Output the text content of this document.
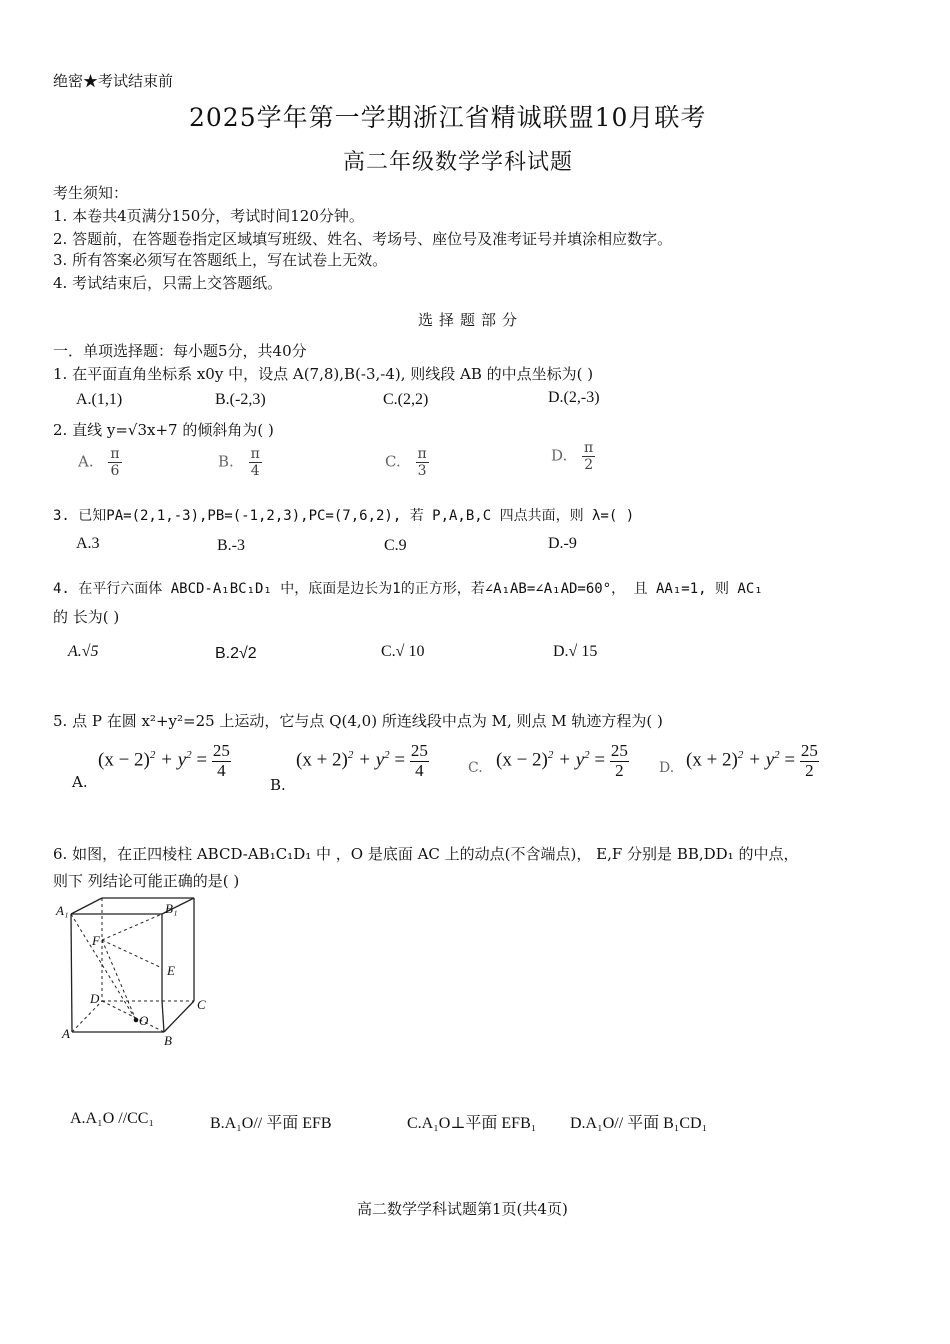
绝密★考试结束前
2025学年第一学期浙江省精诚联盟10月联考
高二年级数学学科试题
考生须知：
1. 本卷共4页满分150分，考试时间120分钟。
2. 答题前，在答题卷指定区域填写班级、姓名、考场号、座位号及准考证号并填涂相应数字。
3. 所有答案必须写在答题纸上，写在试卷上无效。
4. 考试结束后，只需上交答题纸。
选择题部分
一．单项选择题：每小题5分，共40分
1. 在平面直角坐标系 x0y 中，设点 A(7,8),B(-3,-4), 则线段 AB 的中点坐标为( )
A.(1,1)	B.(-2,3)	C.(2,2)	D.(2,-3)
2. 直线 y=√3x+7 的倾斜角为( )
A. $\frac{\pi}{6}$	B. $\frac{\pi}{4}$	C. $\frac{\pi}{3}$	D. $\frac{\pi}{2}$
3. 已知PA=(2,1,-3),PB=(-1,2,3),PC=(7,6,2), 若 P,A,B,C 四点共面，则 λ=( )
A.3	B.-3	C.9	D.-9
4. 在平行六面体 ABCD-A₁BC₁D₁ 中，底面是边长为1的正方形，若∠A₁AB=∠A₁AD=60°， 且 AA₁=1, 则 AC₁
的 长为( )
A.√5	B.2√2	C.√ 10	D.√ 15
5. 点 P 在圆 x²+y²=25 上运动，它与点 Q(4,0) 所连线段中点为 M, 则点 M 轨迹方程为( )
A.
$(x - 2)^2 + y^2 = \frac{25}{4}$
B.
$(x + 2)^2 + y^2 = \frac{25}{4}$	C. $(x - 2)^2 + y^2 = \frac{25}{2} D$. $(x + 2)^2 + y^2 = \frac{25}{2}$
6. 如图，在正四棱柱 ABCD-AB₁C₁D₁ 中 ，O 是底面 AC 上的动点(不含端点)， E,F 分别是 BB,DD₁ 的中点，
则下 列结论可能正确的是( )
A₁	B₁
F
E
D	C
O
A	B
A.A₁O //CC₁	B.A₁O// 平面 EFB	C.A₁O⊥平面 EFB₁ D.A₁O// 平面 B₁CD₁
高二数学学科试题第1页(共4页)
